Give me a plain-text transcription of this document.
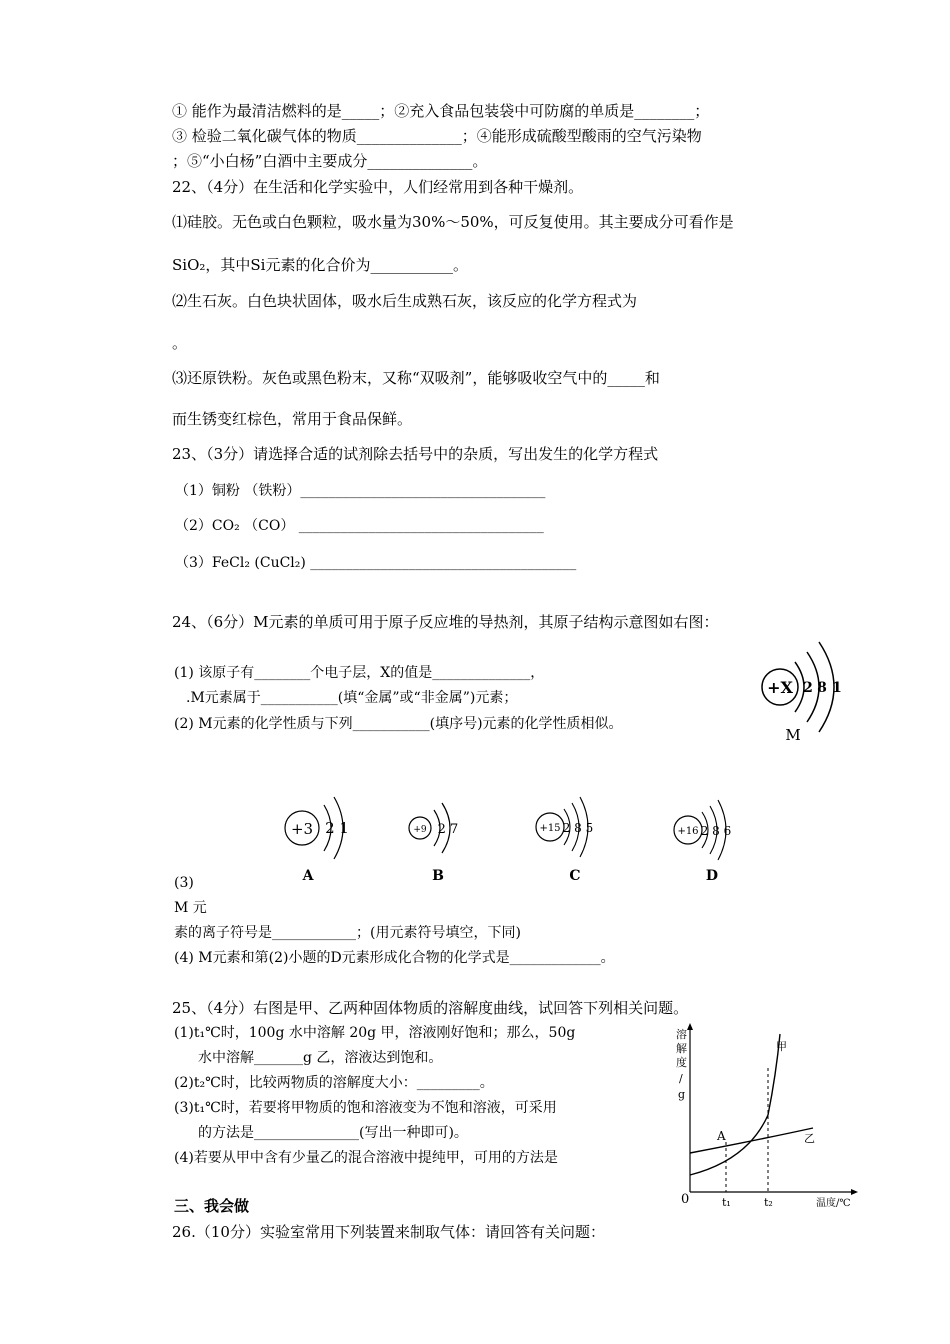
① 能作为最清洁燃料的是_____；②充入食品包装袋中可防腐的单质是________；
③ 检验二氧化碳气体的物质______________；④能形成硫酸型酸雨的空气污染物
；⑤“小白杨”白酒中主要成分______________。
22、（4分）在生活和化学实验中，人们经常用到各种干燥剂。
⑴硅胶。无色或白色颗粒，吸水量为30%～50%，可反复使用。其主要成分可看作是
SiO₂，其中Si元素的化合价为___________。
⑵生石灰。白色块状固体，吸水后生成熟石灰，该反应的化学方程式为
。
⑶还原铁粉。灰色或黑色粉末，又称“双吸剂”，能够吸收空气中的_____和
而生锈变红棕色，常用于食品保鲜。
23、（3分）请选择合适的试剂除去括号中的杂质，写出发生的化学方程式
（1）铜粉 （铁粉）___________________________________
（2）CO₂ （CO） ___________________________________
（3）FeCl₂ (CuCl₂) ______________________________________
24、（6分）M元素的单质可用于原子反应堆的导热剂，其原子结构示意图如右图：
(1) 该原子有________个电子层，X的值是______________，
.M元素属于___________(填“金属”或“非金属”)元素；
(2) M元素的化学性质与下列___________(填序号)元素的化学性质相似。
+X 2 8 1
M
+3 2 1
A
+9 2 7
B
+15 2 8 5
C
+16 2 8 6
D
(3)
M 元
素的离子符号是____________；(用元素符号填空，下同)
(4) M元素和第(2)小题的D元素形成化合物的化学式是_____________。
25、（4分）右图是甲、乙两种固体物质的溶解度曲线，试回答下列相关问题。
(1)t₁℃时，100g 水中溶解 20g 甲，溶液刚好饱和；那么，50g
水中溶解_______g 乙，溶液达到饱和。
(2)t₂℃时，比较两物质的溶解度大小：_________。
(3)t₁℃时，若要将甲物质的饱和溶液变为不饱和溶液，可采用
的方法是_______________(写出一种即可)。
(4)若要从甲中含有少量乙的混合溶液中提纯甲，可用的方法是
溶
解
度
/
g
A
甲
乙
0	t₁	t₂	温度/℃
三、我会做
26.（10分）实验室常用下列装置来制取气体：请回答有关问题：
